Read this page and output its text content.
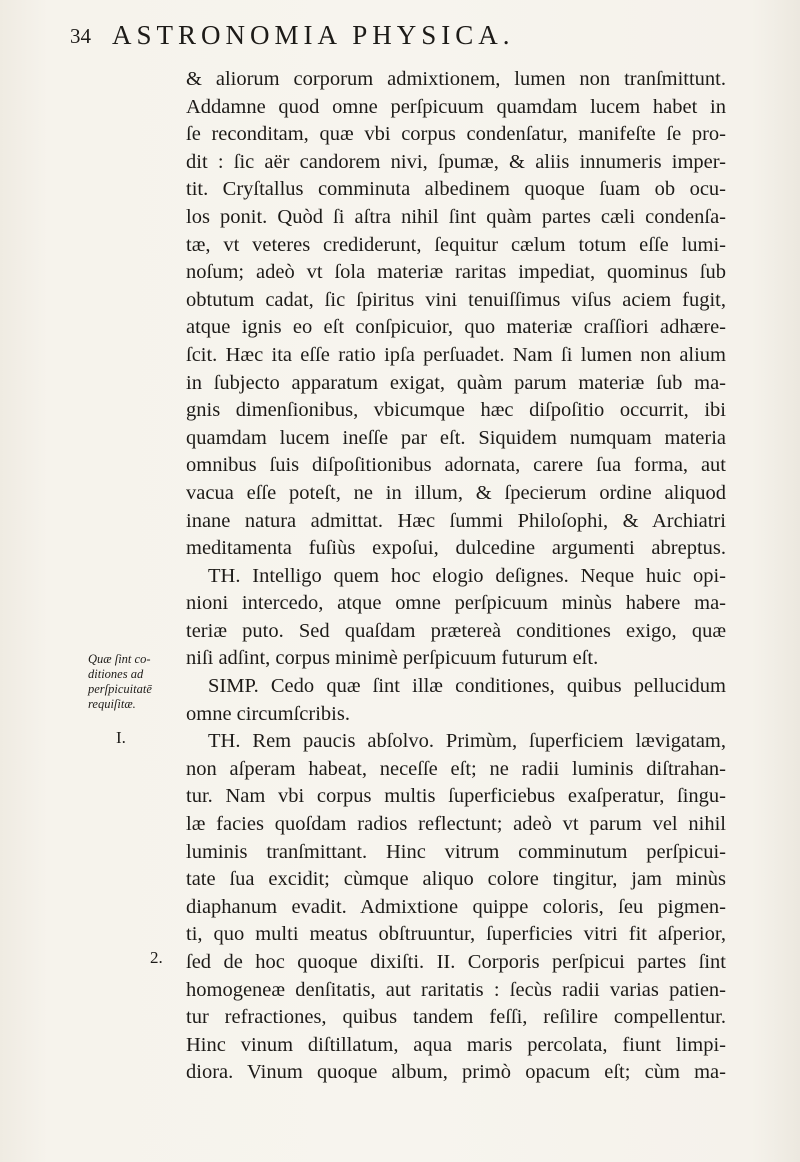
34 ASTRONOMIA PHYSICA.
Quæ ſint co-
ditiones ad
perſpicuitatē
requiſitæ.
I.
2.
& aliorum corporum admixtionem, lumen non tranſmittunt.
Addamne quod omne perſpicuum quamdam lucem habet in
ſe reconditam, quæ vbi corpus condenſatur, manifeſte ſe pro-
dit : ſic aër candorem nivi, ſpumæ, & aliis innumeris imper-
tit. Cryſtallus comminuta albedinem quoque ſuam ob ocu-
los ponit. Quòd ſi aſtra nihil ſint quàm partes cæli condenſa-
tæ, vt veteres crediderunt, ſequitur cælum totum eſſe lumi-
noſum; adeò vt ſola materiæ raritas impediat, quominus ſub
obtutum cadat, ſic ſpiritus vini tenuiſſimus viſus aciem fugit,
atque ignis eo eſt conſpicuior, quo materiæ craſſiori adhære-
ſcit. Hæc ita eſſe ratio ipſa perſuadet. Nam ſi lumen non alium
in ſubjecto apparatum exigat, quàm parum materiæ ſub ma-
gnis dimenſionibus, vbicumque hæc diſpoſitio occurrit, ibi
quamdam lucem ineſſe par eſt. Siquidem numquam materia
omnibus ſuis diſpoſitionibus adornata, carere ſua forma, aut
vacua eſſe poteſt, ne in illum, & ſpecierum ordine aliquod
inane natura admittat. Hæc ſummi Philoſophi, & Archiatri
meditamenta fuſiùs expoſui, dulcedine argumenti abreptus.
TH. Intelligo quem hoc elogio deſignes. Neque huic opi-
nioni intercedo, atque omne perſpicuum minùs habere ma-
teriæ puto. Sed quaſdam prætereà conditiones exigo, quæ
niſi adſint, corpus minimè perſpicuum futurum eſt.
SIMP. Cedo quæ ſint illæ conditiones, quibus pellucidum
omne circumſcribis.
TH. Rem paucis abſolvo. Primùm, ſuperficiem lævigatam,
non aſperam habeat, neceſſe eſt; ne radii luminis diſtrahan-
tur. Nam vbi corpus multis ſuperficiebus exaſperatur, ſingu-
læ facies quoſdam radios reflectunt; adeò vt parum vel nihil
luminis tranſmittant. Hinc vitrum comminutum perſpicui-
tate ſua excidit; cùmque aliquo colore tingitur, jam minùs
diaphanum evadit. Admixtione quippe coloris, ſeu pigmen-
ti, quo multi meatus obſtruuntur, ſuperficies vitri fit aſperior,
ſed de hoc quoque dixiſti. II. Corporis perſpicui partes ſint
homogeneæ denſitatis, aut raritatis : ſecùs radii varias patien-
tur refractiones, quibus tandem feſſi, reſilire compellentur.
Hinc vinum diſtillatum, aqua maris percolata, fiunt limpi-
diora. Vinum quoque album, primò opacum eſt; cùm ma-
